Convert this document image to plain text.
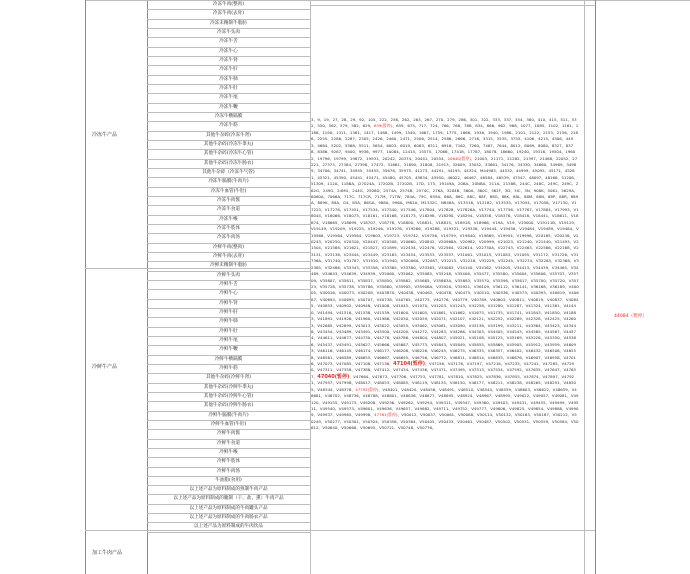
冷冻牛产品
冷鲜牛产品
加工牛肉产品
冷冻牛肉(整肉)
冷冻牛肉(去骨)
冷冻未精制牛脂肪
冷冻牛头肉
冷冻牛舌
冷冻牛心
冷冻牛肾
冷冻牛肝
冷冻牛肺
冷冻牛肚
冷冻牛尾
冷冻牛鞭
冷冻牛横隔膜
冷冻牛筋
其他牛杂碎(冷冻牛肾)
其他牛杂碎(冷冻牛睾丸)
其他牛杂碎(冷冻牛心管)
其他牛杂碎(冷冻牛肠衣)
其他牛杂碎（冷冻牛气管)
冷冻牛膈膜(牛肉片)
冷冻牛血管(牛肚)
冷冻牛肉酱
冷冻牛食道
冷冻牛喉
冷冻牛肢体
冷冻牛肉汤
冷鲜牛肉(整肉)
冷鲜牛肉(去骨)
冷鲜未精制牛脂肪
冷鲜牛头肉
冷鲜牛舌
冷鲜牛心
冷鲜牛肾
冷鲜牛肝
冷鲜牛肺
冷鲜牛肚
冷鲜牛尾
冷鲜牛鞭
冷鲜牛横隔膜
冷鲜牛筋
其他牛杂碎(冷鲜牛肾)
其他牛杂碎(冷鲜牛睾丸)
其他牛杂碎(冷鲜牛心管)
其他牛杂碎(冷鲜牛肠衣)
冷鲜牛膈膜(牛肉片)
冷鲜牛血管(牛肚)
冷鲜牛肉酱
冷鲜牛食道
冷鲜牛喉
冷鲜牛肢体
冷鲜牛肉汤
牛油脂(食用)
以上述产品为原料制成的熟制牛肉产品
以上述产品为原料制成的腌制（干、盐、熏）牛肉产品
以上述产品为原料制成的牛肉罐头产品
以上述产品为原料制成的牛肉肠衣产品
以上述产品为原料制成的牛肉饮品
3、9、19、27、28、29、92、105、222、236、262、263、267、270、279、286、301、322、333、337、354、380、410、415、511、532、550、562、579、582、629、639(暂停)、659、675、717、724、766、768、788、834、866、962、968、1077、1085、1102、1161、1188、1190、1311、1361、1417、1488、1499、1540、1667、1759、1775、1866、1936、1940、1986、2101、2122、2153、2156、2186、2255、2286、2287、2305、2426、2460、2471、2506、2514、2586、2666、2716、3315、3535、3755、4106、4215、4306、4493、4684、5202、5368、5511、5654、6003、6019、6063、6311、6916、7162、7260、7467、7644、8012、8069、8080、8327、8378、8386、9287、9400、9936、9977、10084、12415、15575、17066、17418、17787、18078、18660、19240、19316、19504、19602、19796、19799、19872、19931、20242、20374、20441、20554、20640(暂停)、21003、21171、21282、21397、21488、22052、27221、27373、27384、27398、27472、31661、31890、31808、31913、32609、33032、33681、34176、34330、34860、34969、34989、34706、34741、34955、35455、35678、35975、41273、44191、44195、44324、M44983、44532、44999、45095、45171、45281、45321、45390、45441、45471、45480、45705、45834、45950、46022、46467、46584、46539、47547、48097、48166、51208、51309、112A、118BA、J27024A、17202B、17202B、17D、175、19149A、20BA、20NBA、211A、2158B、244C、248C、249C、249C、262G、249G、24MU、244G、2508D、2574A、2574B、2574C、276A、3204B、360A、360C、362F、3D、3IC、3N、908K、5061、5629A、6060A、7066A、717C、717CR、717M、717W、784A、79C、859A、86A、86C、88C、88F、88G、88K、88L、88M、88N、88P、88R、889A、889K、89A、G4、85A、86GA、988A、996A、M81A、M1332C、N848A、V13516、V12182、V13535、V17054、V17058、V17130、V17223、V17278、V17451、V17534、V17540、V17546、V17804、V17828、V17826A、V17744、V17756、V17767、V17884、V17993、V18044、V18066、V18073、V18161、V18168、V18173、V18298、V18290、V18294、V18358、V18376、V18418、V18441、V18611、V18674、V18665、V18699、V18707、V18778、V18800、V18811、V18815、V18918、V18966、V19A、V19、V19000、V19111B、V19129、V19149、V19209、V19225、V19246、V19276、V19286、V19288、V19331、V19336、V19444、V19458、V19484、V19489、V19484、V19566、V19564、V19584、V19603、V19723、V19742、V19756、V19759、V19840、V19869、V19954、V19996、V20185、V20238、V20243、V20250、V20316、V20447、V20508、V20660、V20842、V20968A、V20982、V20999、V21023、V21240、V21440、V21493、V21504、V21588、V21621、V21827、V21899、V22434、V22476、V22564、V22614、V22730A、V22743、V22463、V22586、V22168、V23131、V23136、V23444、V23449、V23163、V23454、V23553、V23557、V31061、V31015、V31083、V31095、V31172、V31726、V31736A、V31740、V31787、V31910、V31940、V32006A、V32087、V32215、V32218、V32229、V32245、V32274、V32283、V32368、V32385、V32486、V33343、V33358、V33365、V33380、V33363、V34083、V34140、V34162、V34205、V34413、V34439、V34465、V34489、V34643、V34659、V34939、V35060、V35062、V35085、V35248、V35406、V35477、V35580、V35604、V35606、V35707、V35709、V35807、V35811、V35837、V35850、V35862、V35685、V35863A、V35883、V35570、V35598、V35617、V35700、V35720、V35723、V35728、V35738、V35786、V35880、V35905、V35908A、V35920、V35921、V36109、V36112、V36141、V36168、V36189、V40005、V40016、V40073、V40208、V40387A、V40438、V40462、V40478、V40475、V40510、V40536、V40573、V40593、V40619、V40687、V40694、V40695、V40707、V40738、V40765、V40773、V40776、V40779、V40789、V40803、V40811、V40819、V40837、V40845、V40853、V40902、V40948、V41008、V41045、V41070、V41203、V41243、V41258、V41280、V41287、V41324、V41361、V41440、V41494、V41516、V41538、V41539、V41600、V41605、V41661、V41662、V41675、V41735、V41741、V41843、V41850、V41883、V41891、V41926、V41960、V41986、V42030、V42059、V42071、V42107、V42121、V42252、V42269、V42328、V42425、V42603、V42685、V42899、V43013、V43022、V43055、V43062、V43081、V43090、V43138、V43199、V43211、V43364、V43423、V43448、V43454、V43489、V43491、V43500、V44200、V44272、V44283、V44286、V44303、V44405、V44543、V44565、V44567、V44574、V44611、V44677、V44730、V44778、V44786、V44804、V44807、V45021、V45108、V45125、V45169、V45226、V45350、V45386、V45437、V45491、V45627、V45666、V45687、V45773、V45843、V45849、V45855、V45869、V45905、V45912、V45959、V46093、V46116、V46145、V46174、V46177、V46208、V46226、V46245、V46275、V46335、V46357、V46402、V46432、V46508、V46558、V46561、V46589、V46655、V46667、V46695、V46756、V46772、V46811、V46814、V46835、V46876、V46907、V46958、V47016、V47073、V47085、V47108、V47136、47104(暂停)、V47156、V47176、V47197、V47218、V47235、V47241、V47285、V47290、V47311、V47358、V47388、V47412、V47434、V47436、V47471、V47495、V47513、V47534、V47592、V47635、V47647、V47657、47040(暂停)、V47664、V47673、V47706、V47753、V47781、V47810、V47825、V47836、V47855、V47874、V47897、V47921、V47957、V47998、V48017、V48053、V48085、V48119、V48135、V48150、V48177、V48211、V48238、V48265、V48291、V48305、V48344、V48378、47792(暂停)、V48401、V48420、V48456、V48491、V48510、V48544、V48559、V48603、V48622、V48659、V48681、V48702、V48736、V48788、V48801、V48836、V48877、V48895、V48924、V48967、V48995、V49022、V49057、V49081、V49120、V49155、V49173、V49208、V49236、V49262、V49294、V49311、V49347、V49380、V49403、V49431、V49455、V49499、V49511、V49540、V49573、V49601、V49636、V49657、V49682、V49711、V49752、V49777、V49806、V49825、V49854、V49888、V49909、V49937、V49965、V49998、47781(暂停)、V50012、V50037、V50061、V50088、V50114、V50132、V50163、V50187、V50212、V50249、V50277、V50301、V50324、V50356、V50384、V50405、V50433、V50461、V50487、V50502、V50531、V50559、V50584、V50612、V50640、V50668、V50695、V50721、V50748、V50776。
44084（暂停）
